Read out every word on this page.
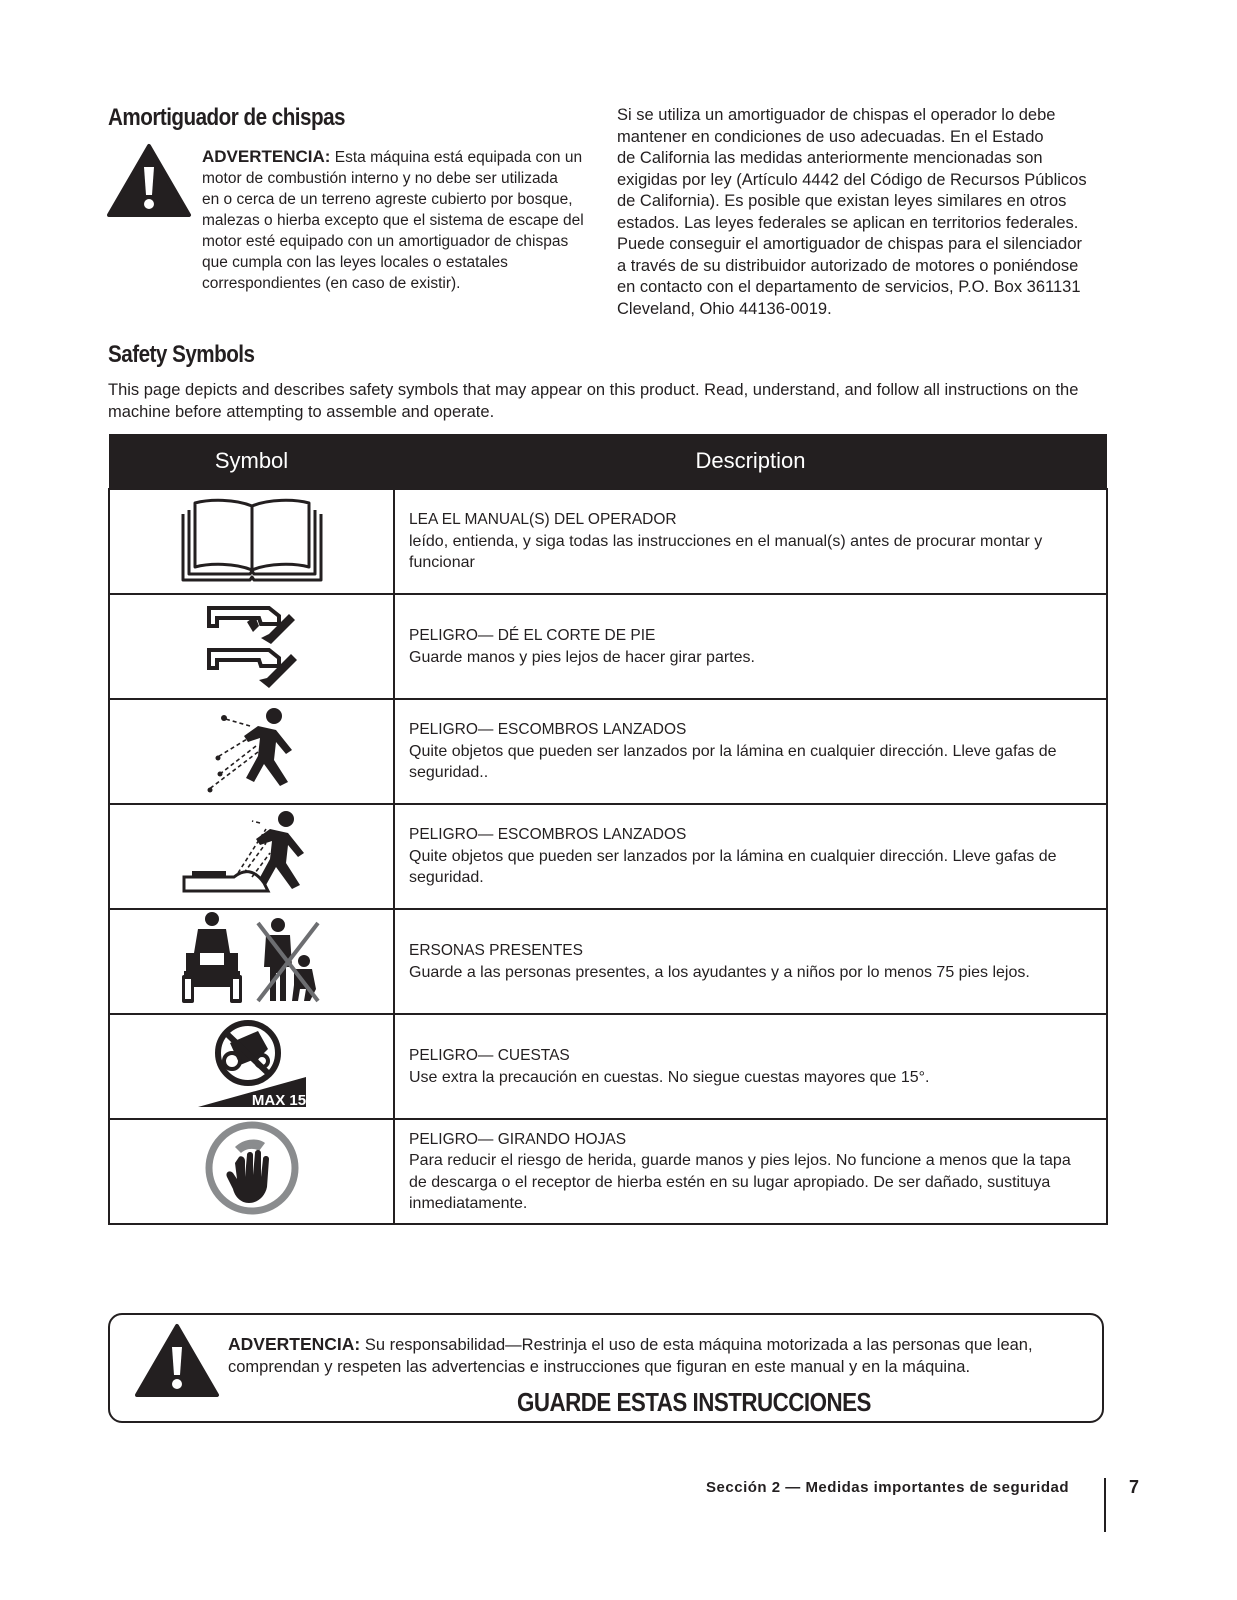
Amortiguador de chispas
ADVERTENCIA: Esta máquina está equipada con un
motor de combustión interno y no debe ser utilizada
en o cerca de un terreno agreste cubierto por bosque,
malezas o hierba excepto que el sistema de escape del
motor esté equipado con un amortiguador de chispas
que cumpla con las leyes locales o estatales
correspondientes (en caso de existir).
Si se utiliza un amortiguador de chispas el operador lo debe
mantener en condiciones de uso adecuadas. En el Estado
de California las medidas anteriormente mencionadas son
exigidas por ley (Artículo 4442 del Código de Recursos Públicos
de California). Es posible que existan leyes similares en otros
estados. Las leyes federales se aplican en territorios federales.
Puede conseguir el amortiguador de chispas para el silenciador
a través de su distribuidor autorizado de motores o poniéndose
en contacto con el departamento de servicios, P.O. Box 361131
Cleveland, Ohio 44136-0019.
Safety Symbols
This page depicts and describes safety symbols that may appear on this product. Read, understand, and follow all instructions on the
machine before attempting to assemble and operate.
Symbol	Description

LEA EL MANUAL(S) DEL OPERADOR
leído, entienda, y siga todas las instrucciones en el manual(s) antes de procurar montar y
funcionar

PELIGRO— DÉ EL CORTE DE PIE
Guarde manos y pies lejos de hacer girar partes.

PELIGRO— ESCOMBROS LANZADOS
Quite objetos que pueden ser lanzados por la lámina en cualquier dirección. Lleve gafas de
seguridad..

PELIGRO— ESCOMBROS LANZADOS
Quite objetos que pueden ser lanzados por la lámina en cualquier dirección. Lleve gafas de
seguridad.

ERSONAS PRESENTES
Guarde a las personas presentes, a los ayudantes y a niños por lo menos 75 pies lejos.

MAX 15°	PELIGRO— CUESTAS
Use extra la precaución en cuestas. No siegue cuestas mayores que 15°.

PELIGRO— GIRANDO HOJAS
Para reducir el riesgo de herida, guarde manos y pies lejos. No funcione a menos que la tapa
de descarga o el receptor de hierba estén en su lugar apropiado. De ser dañado, sustituya
inmediatamente.
ADVERTENCIA: Su responsabilidad—Restrinja el uso de esta máquina motorizada a las personas que lean,
comprendan y respeten las advertencias e instrucciones que figuran en este manual y en la máquina.
GUARDE ESTAS INSTRUCCIONES
Sección 2 — Medidas importantes de seguridad	7
